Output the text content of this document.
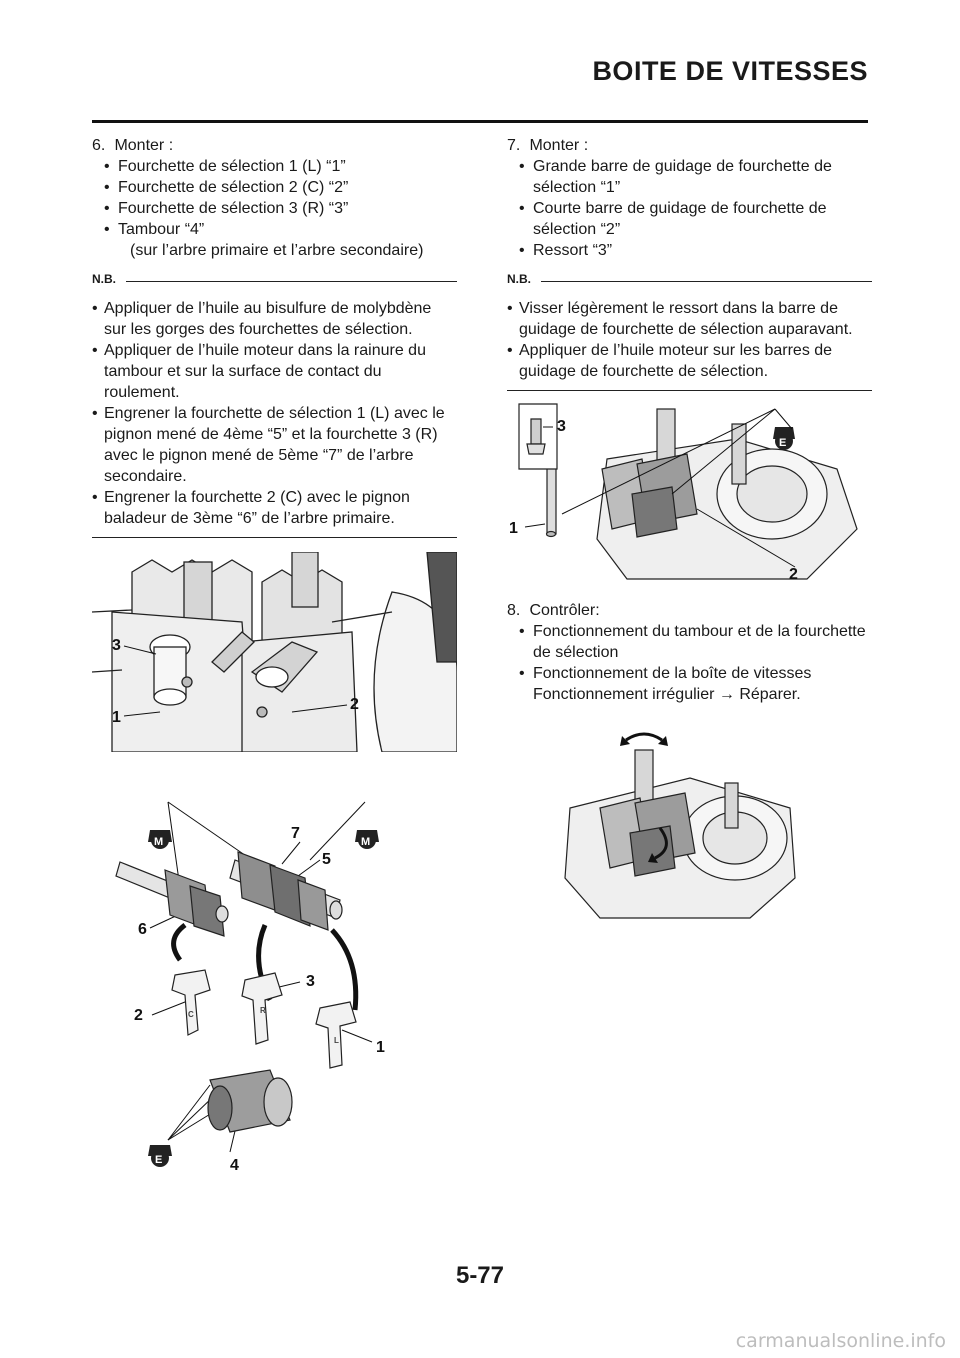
BOITE DE VITESSES
6. Monter :
• Fourchette de sélection 1 (L) “1”
• Fourchette de sélection 2 (C) “2”
• Fourchette de sélection 3 (R) “3”
• Tambour “4”
(sur l’arbre primaire et l’arbre secondaire)
N.B.
• Appliquer de l’huile au bisulfure de molybdène sur les gorges des fourchettes de sélection.
• Appliquer de l’huile moteur dans la rainure du tambour et sur la surface de contact du roulement.
• Engrener la fourchette de sélection 1 (L) avec le pignon mené de 4ème “5” et la fourchette 3 (R) avec le pignon mené de 5ème “7” de l’arbre secondaire.
• Engrener la fourchette 2 (C) avec le pignon baladeur de 3ème “6” de l’arbre primaire.
3
1
2
M	M
E
C	R
L
7
5
6
3
2
1
4
7. Monter :
• Grande barre de guidage de fourchette de sélection “1”
• Courte barre de guidage de fourchette de sélection “2”
• Ressort “3”
N.B.
• Visser légèrement le ressort dans la barre de guidage de fourchette de sélection auparavant.
• Appliquer de l’huile moteur sur les barres de guidage de fourchette de sélection.
E
3
1
2
8. Contrôler:
• Fonctionnement du tambour et de la fourchette de sélection
• Fonctionnement de la boîte de vitesses
Fonctionnement irrégulier → Réparer.
5-77
carmanualsonline.info
